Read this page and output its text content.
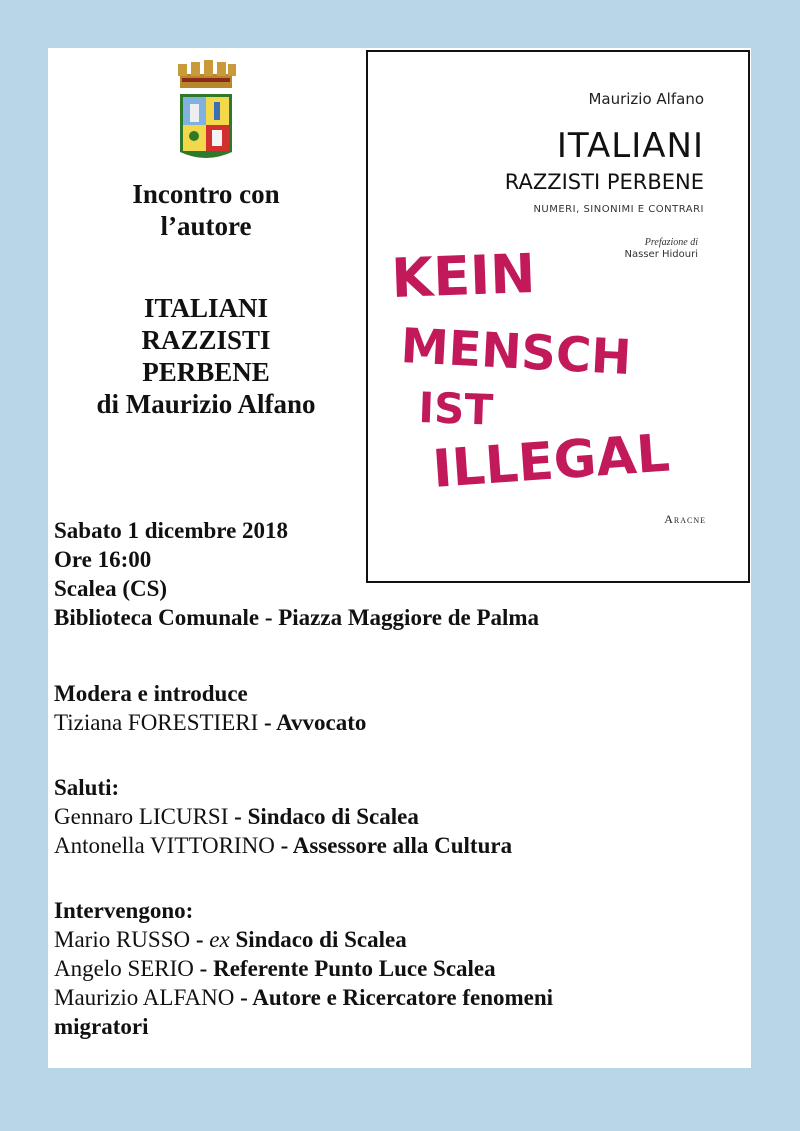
Incontro con
l’autore
ITALIANI
RAZZISTI
PERBENE
di Maurizio Alfano
Maurizio Alfano
ITALIANI
RAZZISTI PERBENE
NUMERI, SINONIMI E CONTRARI
Prefazione di
Nasser Hidouri
KEIN
MENSCH
IST
ILLEGAL
Aracne
Sabato 1 dicembre 2018
Ore 16:00
Scalea (CS)
Biblioteca Comunale - Piazza Maggiore de Palma
Modera e introduce
Tiziana FORESTIERI - Avvocato
Saluti:
Gennaro LICURSI - Sindaco di Scalea
Antonella VITTORINO - Assessore alla Cultura
Intervengono:
Mario RUSSO - ex Sindaco di Scalea
Angelo SERIO - Referente Punto Luce Scalea
Maurizio ALFANO - Autore e Ricercatore fenomeni
migratori
